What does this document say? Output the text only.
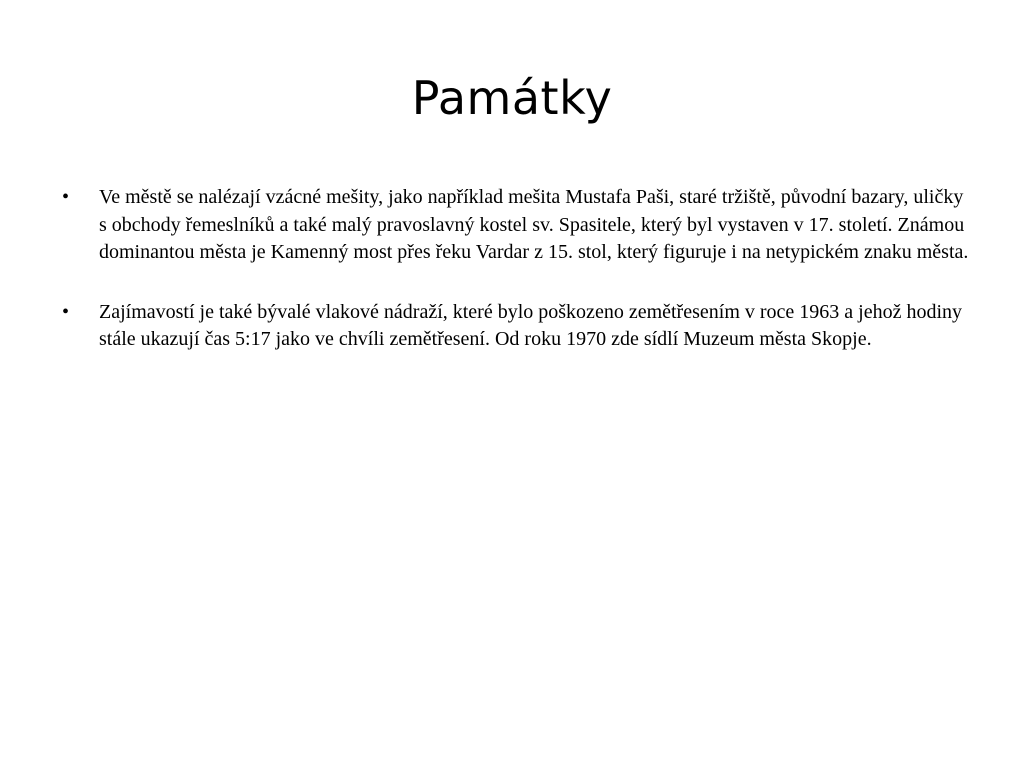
Památky
•	Ve městě se nalézají vzácné mešity, jako například mešita Mustafa Paši, staré tržiště, původní bazary, uličky s obchody řemeslníků a také malý pravoslavný kostel sv. Spasitele, který byl vystaven v 17. století. Známou dominantou města je Kamenný most přes řeku Vardar z 15. stol, který figuruje i na netypickém znaku města.
•	Zajímavostí je také bývalé vlakové nádraží, které bylo poškozeno zemětřesením v roce 1963 a jehož hodiny stále ukazují čas 5:17 jako ve chvíli zemětřesení. Od roku 1970 zde sídlí Muzeum města Skopje.
